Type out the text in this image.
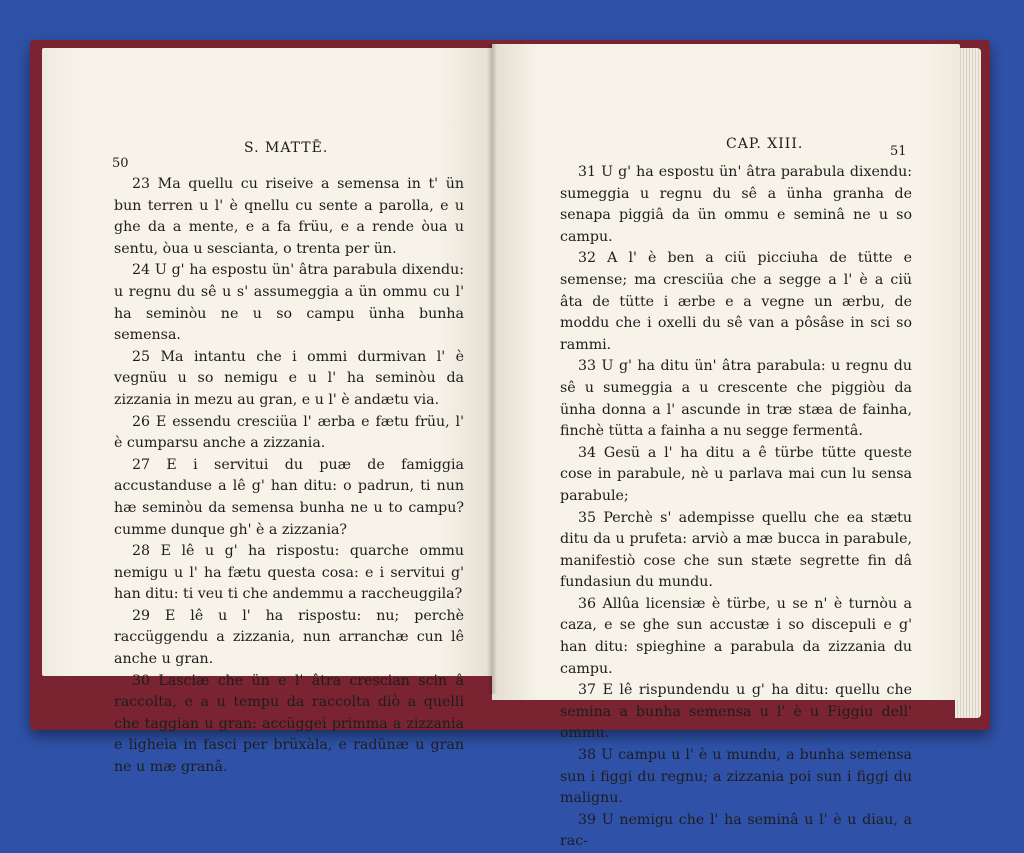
50
S. MATTĒ.

23 Ma quellu cu riseive a semensa in t' ün bun terren u l' è qnellu cu sente a parolla, e u ghe da a mente, e a fa früu, e a rende òua u sentu, òua u sescianta, o trenta per ün.

24 U g' ha espostu ün' âtra parabula dixendu: u regnu du sê u s' assumeggia a ün ommu cu l' ha seminòu ne u so campu ünha bunha semensa.

25 Ma intantu che i ommi durmivan l' è vegnüu u so nemigu e u l' ha seminòu da zizzania in mezu au gran, e u l' è andætu via.

26 E essendu cresciüa l' ærba e fætu früu, l' è cumparsu anche a zizzania.

27 E i servitui du puæ de famiggia accustanduse a lê g' han ditu: o padrun, ti nun hæ seminòu da semensa bunha ne u to campu? cumme dunque gh' è a zizzania?

28 E lê u g' ha rispostu: quarche ommu nemigu u l' ha fætu questa cosa: e i servitui g' han ditu: ti veu ti che andemmu a raccheuggila?

29 E lê u l' ha rispostu: nu; perchè raccüggendu a zizzania, nun arranchæ cun lê anche u gran.

30 Lasciæ che ün e l' âtra crescian scin â raccolta, e a u tempu da raccolta diò a quelli che taggian u gran: accüggeì primma a zizzania e ligheìa in fasci per brüxàla, e radünæ u gran ne u mæ granâ.

CAP. XIII.	51

31 U g' ha espostu ün' âtra parabula dixendu: sumeggia u regnu du sê a ünha granha de senapa piggiâ da ün ommu e seminâ ne u so campu.

32 A l' è ben a ciü picciuha de tütte e semense; ma cresciüa che a segge a l' è a ciü âta de tütte i ærbe e a vegne un ærbu, de moddu che i oxelli du sê van a pôsâse in sci so rammi.

33 U g' ha ditu ün' âtra parabula: u regnu du sê u sumeggia a u crescente che piggiòu da ünha donna a l' ascunde in træ stæa de fainha, finchè tütta a fainha a nu segge fermentâ.

34 Gesü a l' ha ditu a ê türbe tütte queste cose in parabule, nè u parlava mai cun lu sensa parabule;

35 Perchè s' adempisse quellu che ea stætu ditu da u prufeta: arviò a mæ bucca in parabule, manifestiò cose che sun stæte segrette fin dâ fundasiun du mundu.

36 Allûa licensiæ è türbe, u se n' è turnòu a caza, e se ghe sun accustæ i so discepuli e g' han ditu: spieghine a parabula da zizzania du campu.

37 E lê rispundendu u g' ha ditu: quellu che semina a bunha semensa u l' è u Figgiu dell' ommu.

38 U campu u l' è u mundu, a bunha semensa sun i figgi du regnu; a zizzania poi sun i figgi du malignu.

39 U nemigu che l' ha seminâ u l' è u diau, a rac-
